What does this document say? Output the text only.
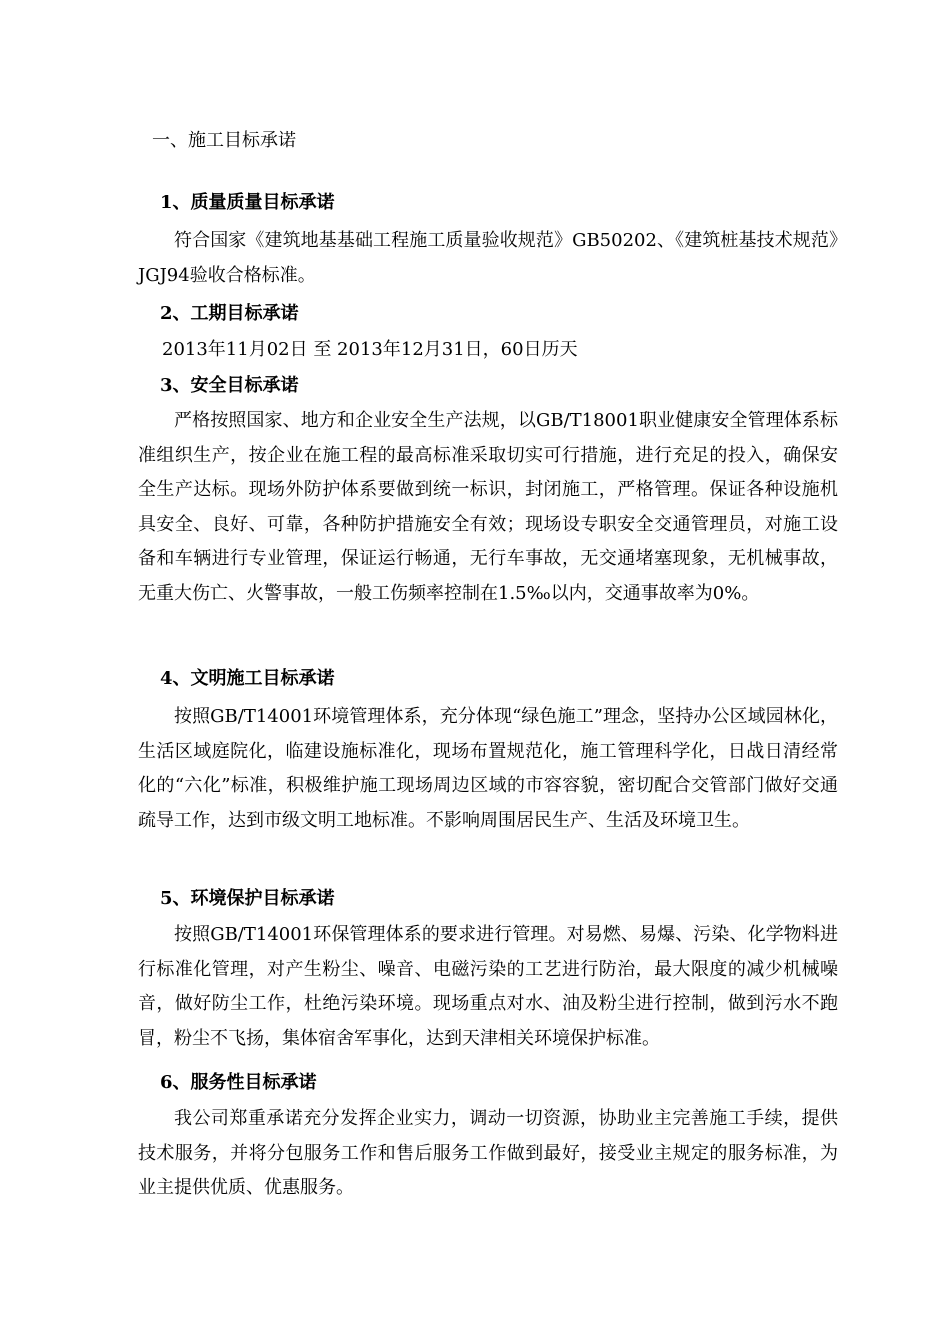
一、施工目标承诺
1、质量质量目标承诺
符合国家《建筑地基基础工程施工质量验收规范》GB50202、《建筑桩基技术规范》JGJ94验收合格标准。
2、工期目标承诺
2013年11月02日 至 2013年12月31日，60日历天
3、安全目标承诺
严格按照国家、地方和企业安全生产法规，以GB/T18001职业健康安全管理体系标准组织生产，按企业在施工程的最高标准采取切实可行措施，进行充足的投入，确保安全生产达标。现场外防护体系要做到统一标识，封闭施工，严格管理。保证各种设施机具安全、良好、可靠，各种防护措施安全有效；现场设专职安全交通管理员，对施工设备和车辆进行专业管理，保证运行畅通，无行车事故，无交通堵塞现象，无机械事故，无重大伤亡、火警事故，一般工伤频率控制在1.5‰以内，交通事故率为0%。
4、文明施工目标承诺
按照GB/T14001环境管理体系，充分体现“绿色施工”理念，坚持办公区域园林化，生活区域庭院化，临建设施标准化，现场布置规范化，施工管理科学化，日战日清经常化的“六化”标准，积极维护施工现场周边区域的市容容貌，密切配合交管部门做好交通疏导工作，达到市级文明工地标准。不影响周围居民生产、生活及环境卫生。
5、环境保护目标承诺
按照GB/T14001环保管理体系的要求进行管理。对易燃、易爆、污染、化学物料进行标准化管理，对产生粉尘、噪音、电磁污染的工艺进行防治，最大限度的减少机械噪音，做好防尘工作，杜绝污染环境。现场重点对水、油及粉尘进行控制，做到污水不跑冒，粉尘不飞扬，集体宿舍军事化，达到天津相关环境保护标准。
6、服务性目标承诺
我公司郑重承诺充分发挥企业实力，调动一切资源，协助业主完善施工手续，提供技术服务，并将分包服务工作和售后服务工作做到最好，接受业主规定的服务标准，为业主提供优质、优惠服务。
